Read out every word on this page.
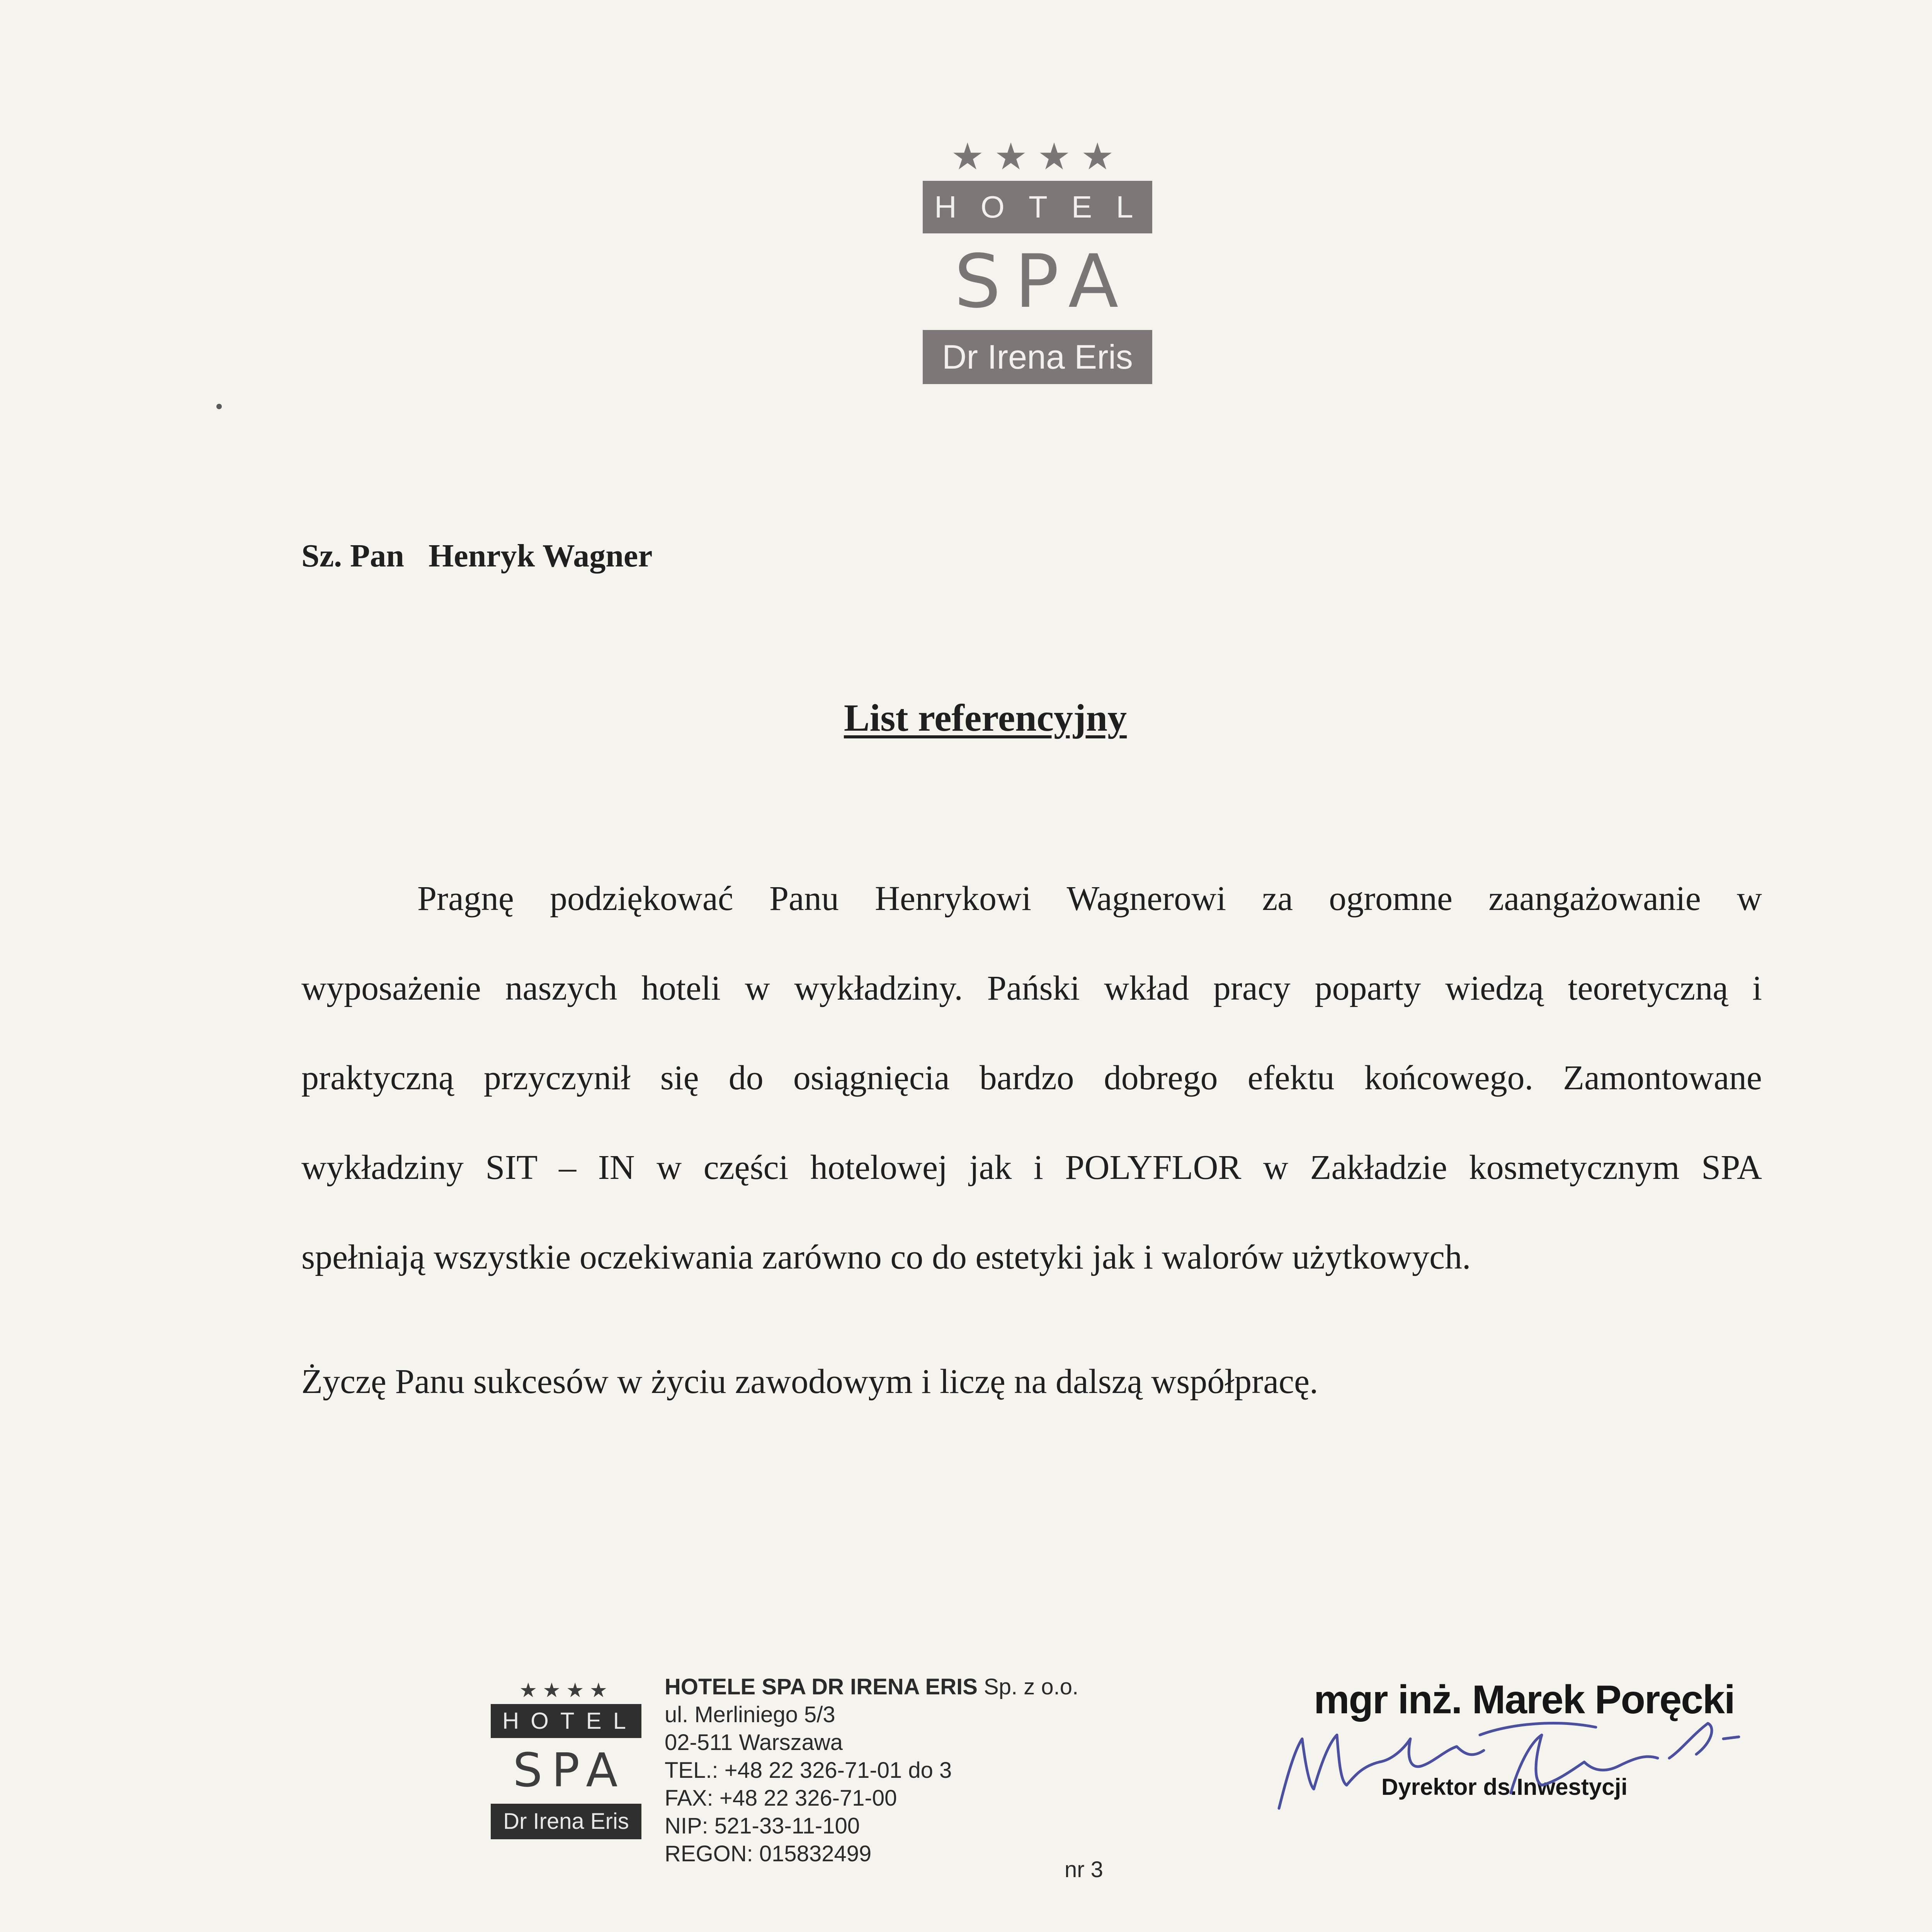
★★★★
HOTEL
SPA
Dr Irena Eris
Sz. Pan   Henryk Wagner
List referencyjny
Pragnę podziękować Panu Henrykowi Wagnerowi za ogromne zaangażowanie w
wyposażenie naszych hoteli w wykładziny. Pański wkład pracy poparty wiedzą teoretyczną i
praktyczną przyczynił się do osiągnięcia bardzo dobrego efektu końcowego. Zamontowane
wykładziny SIT – IN w części hotelowej jak i POLYFLOR w Zakładzie kosmetycznym SPA
spełniają wszystkie oczekiwania zarówno co do estetyki jak i walorów użytkowych.
Życzę Panu sukcesów w życiu zawodowym i liczę na dalszą współpracę.
★★★★
HOTEL
SPA
Dr Irena Eris
HOTELE SPA DR IRENA ERIS Sp. z o.o.
ul. Merliniego 5/3
02-511 Warszawa
TEL.: +48 22 326-71-01 do 3
FAX: +48 22 326-71-00
NIP: 521-33-11-100
REGON: 015832499
nr 3
mgr inż. Marek Poręcki
Dyrektor ds.Inwestycji
